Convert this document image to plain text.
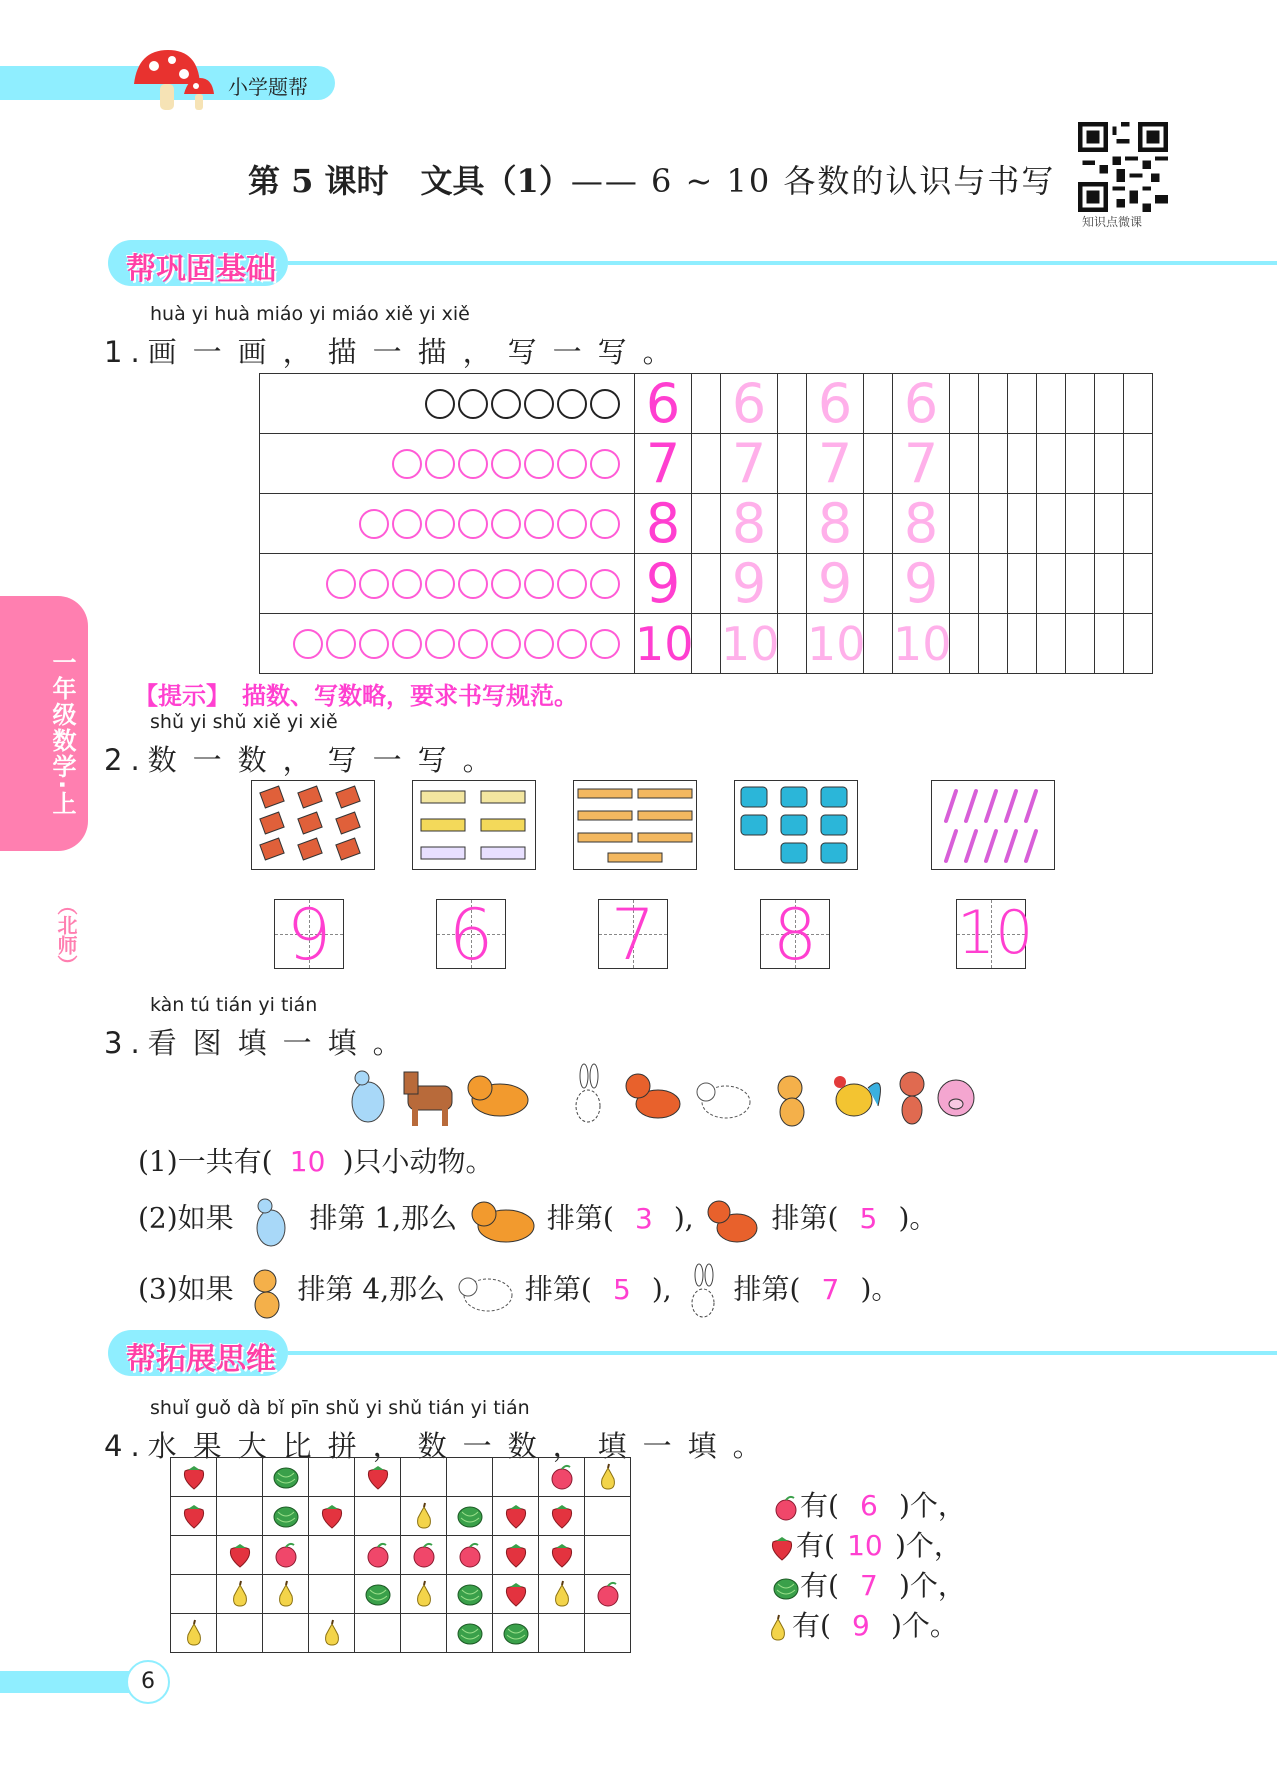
小学题帮
第 5 课时　文具（1）—— 6 ~ 10 各数的认识与书写
知识点微课
帮巩固基础
一年级数学·上
（北师）
huà yi huà miáo yi miáo xiě yi xiě
1.画一画，描一描，写一写。

	6		6		6		6							

	7		7		7		7							

	8		8		8		8							

	9		9		9		9							

	10		10		10		10							

【提示】　描数、写数略，要求书写规范。
shǔ yi shǔ xiě yi xiě
2.数一数，写一写。
9 6 7 8 10
kàn tú tián yi tián
3.看图填一填。
(1)一共有( 10 )只小动物。
(2)如果	排第 1,那么	排第( 3 ),	排第( 5 )。
(3)如果 排第 4,那么	排第( 5 ), 排第( 7 )。
帮拓展思维
shuǐ guǒ dà bǐ pīn shǔ yi shǔ tián yi tián
4.水果大比拼，数一数，填一填。

有( 6 )个，
有( 10 )个，
有( 7 )个，
有( 9 )个。
6
